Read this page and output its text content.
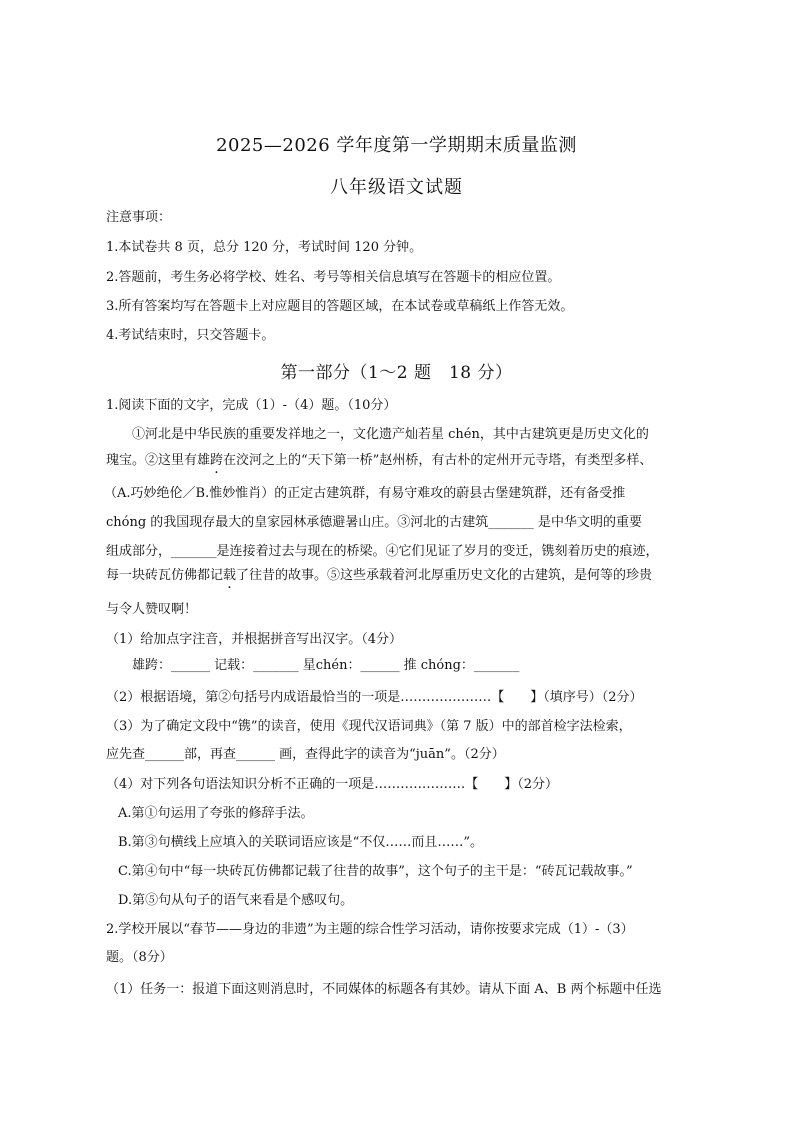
2025—2026 学年度第一学期期末质量监测
八年级语文试题
注意事项：
1.本试卷共 8 页，总分 120 分，考试时间 120 分钟。
2.答题前，考生务必将学校、姓名、考号等相关信息填写在答题卡的相应位置。
3.所有答案均写在答题卡上对应题目的答题区域，在本试卷或草稿纸上作答无效。
4.考试结束时，只交答题卡。
第一部分（1～2 题　18 分）
1.阅读下面的文字，完成（1）-（4）题。（10分）
①河北是中华民族的重要发祥地之一，文化遗产灿若星 chén，其中古建筑更是历史文化的
瑰宝。②这里有雄跨在洨河之上的“天下第一桥”赵州桥，有古朴的定州开元寺塔，有类型多样、
（A.巧妙绝伦／B.惟妙惟肖）的正定古建筑群，有易守难攻的蔚县古堡建筑群，还有备受推
chóng 的我国现存最大的皇家园林承德避暑山庄。③河北的古建筑_______ 是中华文明的重要
组成部分，_______是连接着过去与现在的桥梁。④它们见证了岁月的变迁，镌刻着历史的痕迹，
每一块砖瓦仿佛都记载了往昔的故事。⑤这些承载着河北厚重历史文化的古建筑，是何等的珍贵
与令人赞叹啊！
（1）给加点字注音，并根据拼音写出汉字。（4分）
雄跨：______ 记载：_______ 星chén：______ 推 chóng：_______
（2）根据语境，第②句括号内成语最恰当的一项是…………………【　　】（填序号）（2分）
（3）为了确定文段中“镌”的读音，使用《现代汉语词典》（第 7 版）中的部首检字法检索，
应先查______部，再查______ 画，查得此字的读音为“juān”。（2分）
（4）对下列各句语法知识分析不正确的一项是…………………【　　】（2分）
A.第①句运用了夸张的修辞手法。
B.第③句横线上应填入的关联词语应该是“不仅……而且……”。
C.第④句中“每一块砖瓦仿佛都记载了往昔的故事”，这个句子的主干是：“砖瓦记载故事。”
D.第⑤句从句子的语气来看是个感叹句。
2.学校开展以“春节——身边的非遗”为主题的综合性学习活动，请你按要求完成（1）-（3）
题。（8分）
（1）任务一：报道下面这则消息时，不同媒体的标题各有其妙。请从下面 A、B 两个标题中任选
